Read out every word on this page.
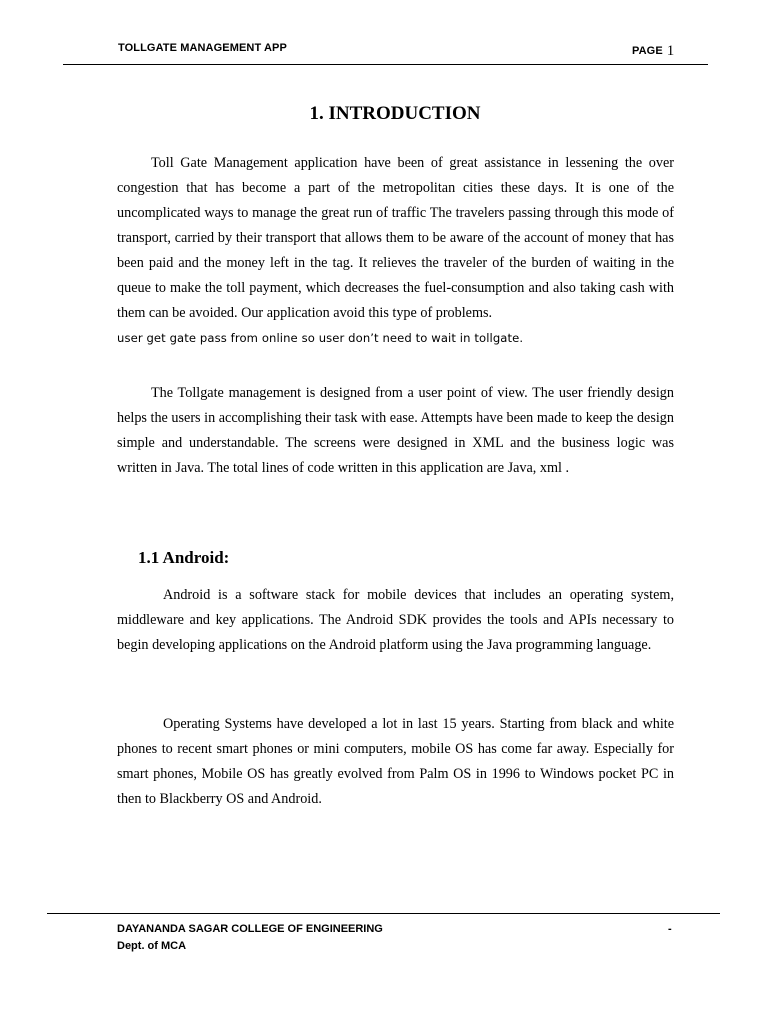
TOLLGATE MANAGEMENT APP	PAGE 1
1. INTRODUCTION

Toll Gate Management application have been of great assistance in lessening the over congestion that has become a part of the metropolitan cities these days. It is one of the uncomplicated ways to manage the great run of traffic The travelers passing through this mode of transport, carried by their transport that allows them to be aware of the account of money that has been paid and the money left in the tag. It relieves the traveler of the burden of waiting in the queue to make the toll payment, which decreases the fuel-consumption and also taking cash with them can be avoided. Our application avoid this type of problems.
user get gate pass from online so user don’t need to wait in tollgate.

The Tollgate management is designed from a user point of view. The user friendly design helps the users in accomplishing their task with ease. Attempts have been made to keep the design simple and understandable. The screens were designed in XML and the business logic was written in Java. The total lines of code written in this application are Java, xml .

1.1 Android:

Android is a software stack for mobile devices that includes an operating system, middleware and key applications. The Android SDK provides the tools and APIs necessary to begin developing applications on the Android platform using the Java programming language.

Operating Systems have developed a lot in last 15 years. Starting from black and white phones to recent smart phones or mini computers, mobile OS has come far away. Especially for smart phones, Mobile OS has greatly evolved from Palm OS in 1996 to Windows pocket PC in then to Blackberry OS and Android.

DAYANANDA SAGAR COLLEGE OF ENGINEERING
Dept. of MCA
-
